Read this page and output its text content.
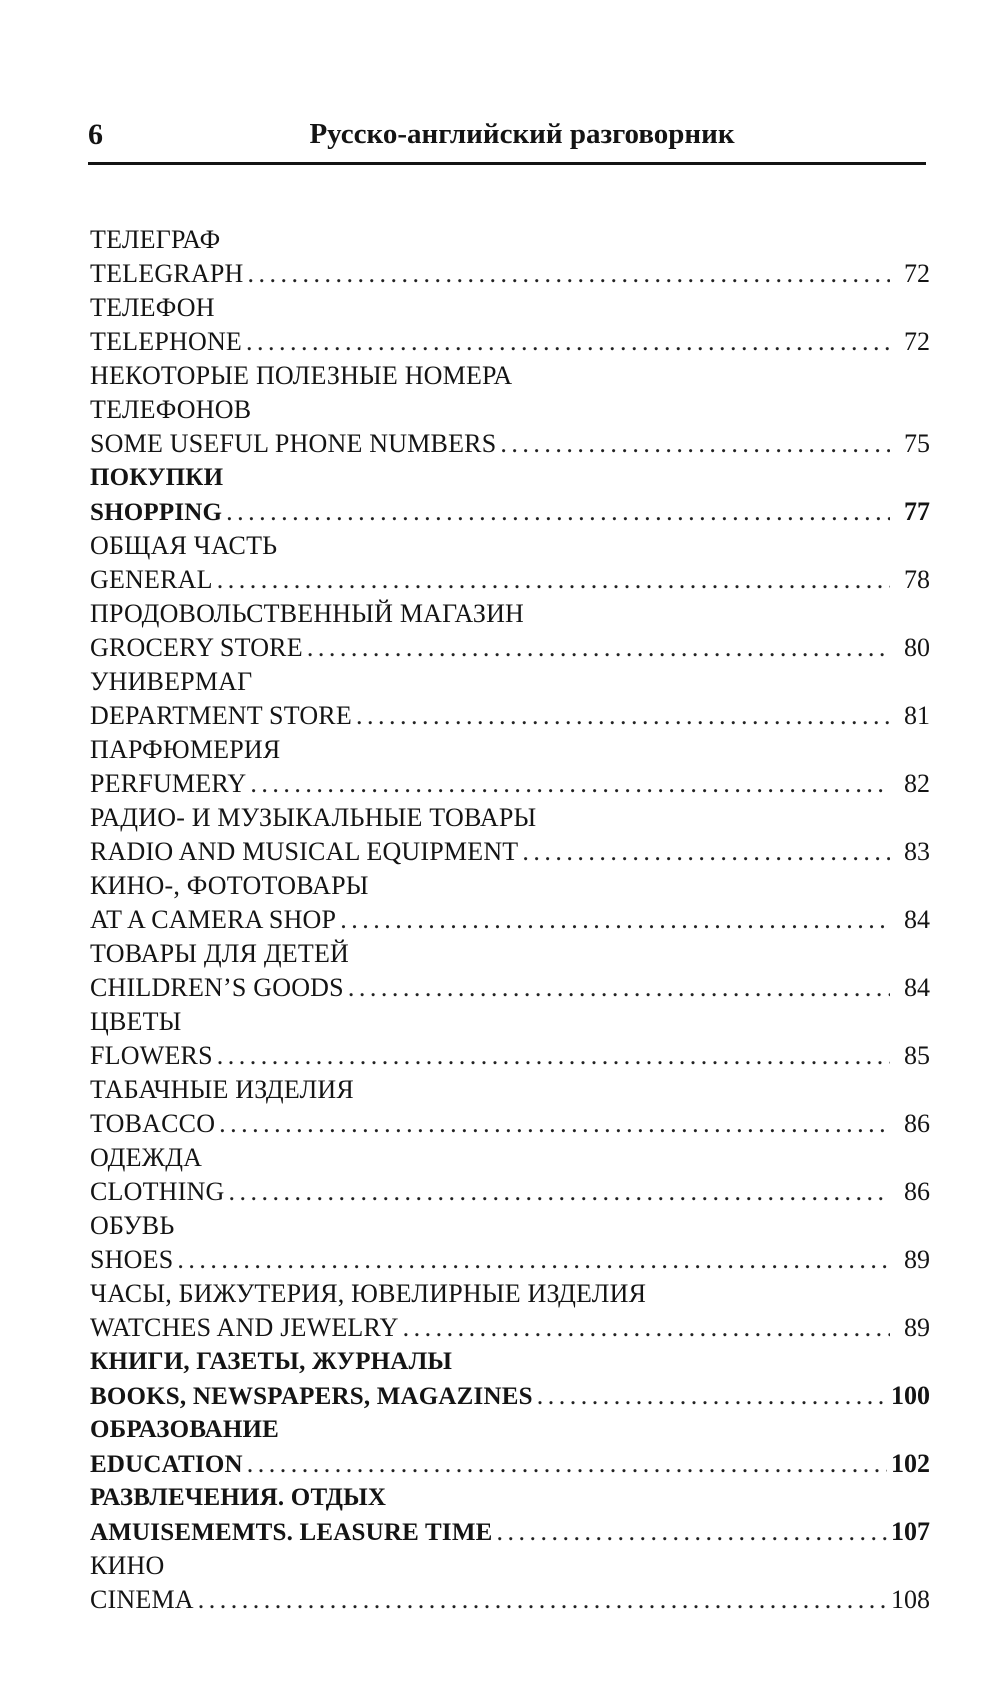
6	Русско-английский разговорник
ТЕЛЕГРАФ
TELEGRAPH . . .	72
ТЕЛЕФОН
TELEPHONE . . .	72
НЕКОТОРЫЕ ПОЛЕЗНЫЕ НОМЕРА
ТЕЛЕФОНОВ
SOME USEFUL PHONE NUMBERS . . .	75
ПОКУПКИ
SHOPPING . . .	77
ОБЩАЯ ЧАСТЬ
GENERAL . . .	78
ПРОДОВОЛЬСТВЕННЫЙ МАГАЗИН
GROCERY STORE . . .	80
УНИВЕРМАГ
DEPARTMENT STORE . . .	81
ПАРФЮМЕРИЯ
PERFUMERY . . .	82
РАДИО- И МУЗЫКАЛЬНЫЕ ТОВАРЫ
RADIO AND MUSICAL EQUIPMENT . . .	83
КИНО-, ФОТОТОВАРЫ
AT A CAMERA SHOP . . .	84
ТОВАРЫ ДЛЯ ДЕТЕЙ
CHILDREN’S GOODS . . .	84
ЦВЕТЫ
FLOWERS . . .	85
ТАБАЧНЫЕ ИЗДЕЛИЯ
TOBACCO . . .	86
ОДЕЖДА
CLOTHING . . .	86
ОБУВЬ
SHOES . . .	89
ЧАСЫ, БИЖУТЕРИЯ, ЮВЕЛИРНЫЕ ИЗДЕЛИЯ
WATCHES AND JEWELRY . . .	89
КНИГИ, ГАЗЕТЫ, ЖУРНАЛЫ
BOOKS, NEWSPAPERS, MAGAZINES . . .	100
ОБРАЗОВАНИЕ
EDUCATION . . .	102
РАЗВЛЕЧЕНИЯ. ОТДЫХ
AMUISEMEMTS. LEASURE TIME . . .	107
КИНО
CINEMA . . .	108
